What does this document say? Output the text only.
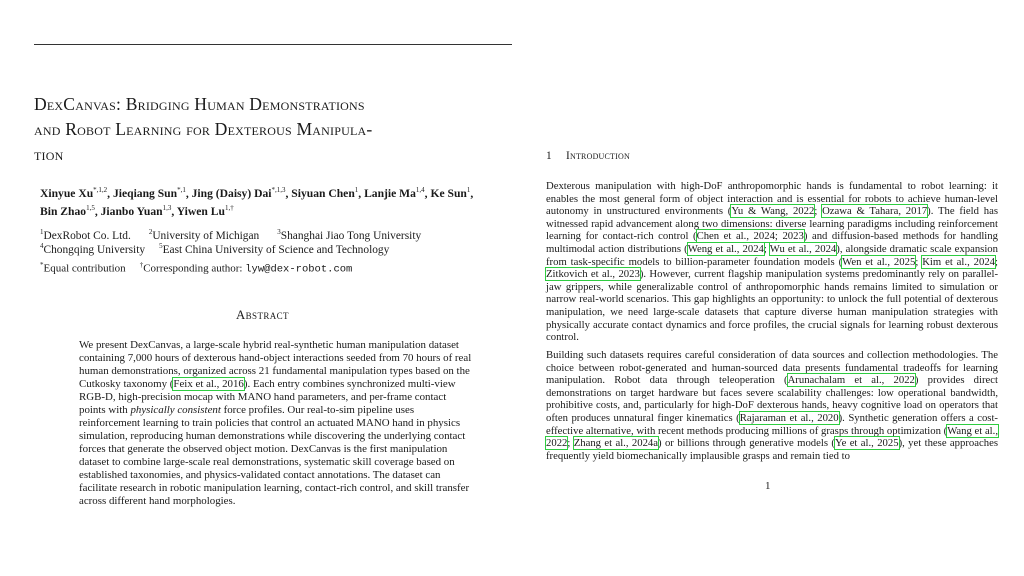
DexCanvas: Bridging Human Demonstrations
and Robot Learning for Dexterous Manipula-
tion
Xinyue $Xu^{*,1,2}$, Jieqiang Sun$^{*,1}$, Jing (Daisy) Dai$^{*,1,3}$, Siyuan Chen$^1$, Lanjie Ma$^{1,4}$, Ke Sun$^1$,
Bin Zhao$^{1,5}$, Jianbo Yuan$^{1,3}$, Yiwen $Lu^{1,\dagger}$
$^1$DexRobot Co. Ltd.	$^2$University of Michigan	$^3$Shanghai Jiao Tong University
$^4$Chongqing University $^5$East China University of Science and Technology
*Equal contribution †Corresponding author: lyw@dex-robot.com
Abstract

We present DexCanvas, a large-scale hybrid real-synthetic human manipulation dataset containing 7,000 hours of dexterous hand-object interactions seeded from 70 hours of real human demonstrations, organized across 21 fundamental manipulation types based on the Cutkosky taxonomy (Feix et al., 2016). Each entry combines synchronized multi-view RGB-D, high-precision mocap with MANO hand parameters, and per-frame contact points with physically consistent force profiles. Our real-to-sim pipeline uses reinforcement learning to train policies that control an actuated MANO hand in physics simulation, reproducing human demonstrations while discovering the underlying contact forces that generate the observed object motion. DexCanvas is the first manipulation dataset to combine large-scale real demonstrations, systematic skill coverage based on established taxonomies, and physics-validated contact annotations. The dataset can facilitate research in robotic manipulation learning, contact-rich control, and skill transfer across different hand morphologies.

1 Introduction

Dexterous manipulation with high-DoF anthropomorphic hands is fundamental to robot learning: it enables the most general form of object interaction and is essential for robots to achieve human-level autonomy in unstructured environments (Yu & Wang, 2022; Ozawa & Tahara, 2017). The field has witnessed rapid advancement along two dimensions: diverse learning paradigms including reinforcement learning for contact-rich control (Chen et al., 2024; 2023) and diffusion-based methods for handling multimodal action distributions (Weng et al., 2024; Wu et al., 2024), alongside dramatic scale expansion from task-specific models to billion-parameter foundation models (Wen et al., 2025; Kim et al., 2024; Zitkovich et al., 2023). However, current flagship manipulation systems predominantly rely on parallel-jaw grippers, while generalizable control of anthropomorphic hands remains limited to simulation or narrow real-world scenarios. This gap highlights an opportunity: to unlock the full potential of dexterous manipulation, we need large-scale datasets that capture diverse human manipulation strategies with physically accurate contact dynamics and force profiles, the crucial signals for learning robust dexterous control.

Building such datasets requires careful consideration of data sources and collection methodologies. The choice between robot-generated and human-sourced data presents fundamental tradeoffs for learning manipulation. Robot data through teleoperation (Arunachalam et al., 2022) provides direct demonstrations on target hardware but faces severe scalability challenges: low operational bandwidth, prohibitive costs, and, particularly for high-DoF dexterous hands, heavy cognitive load on operators that often produces unnatural finger kinematics (Rajaraman et al., 2020). Synthetic generation offers a cost-effective alternative, with recent methods producing millions of grasps through optimization (Wang et al., 2022; Zhang et al., 2024a) or billions through generative models (Ye et al., 2025), yet these approaches frequently yield biomechanically implausible grasps and remain tied to

1
